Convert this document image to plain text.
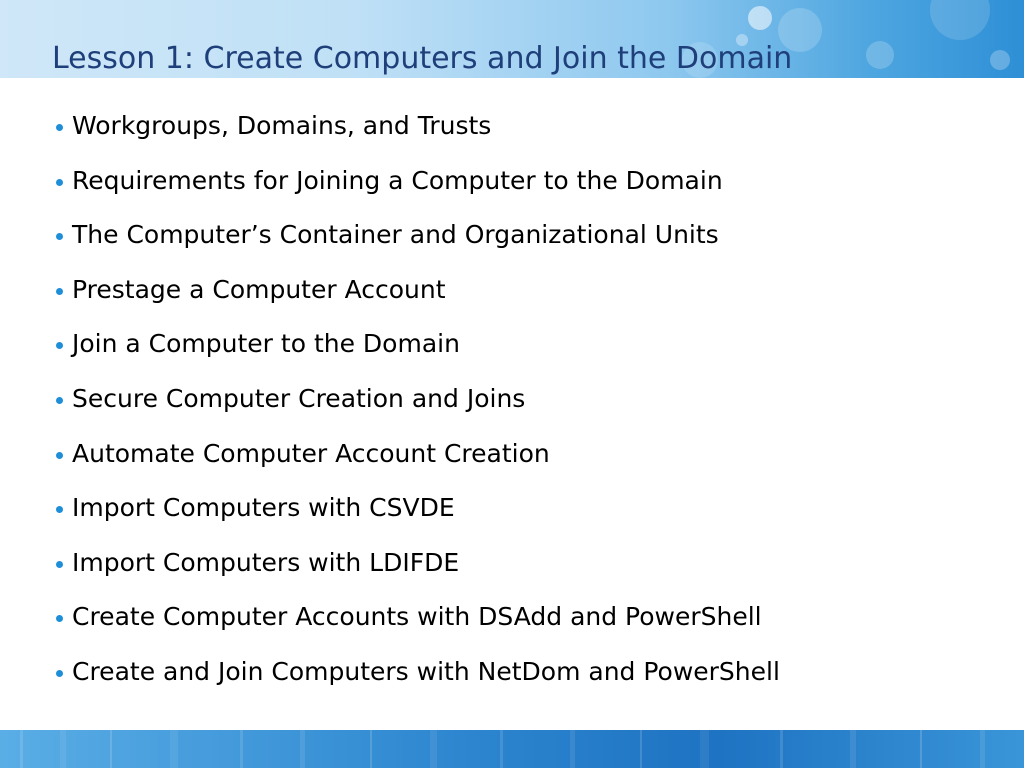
Lesson 1: Create Computers and Join the Domain
Workgroups, Domains, and Trusts
Requirements for Joining a Computer to the Domain
The Computer’s Container and Organizational Units
Prestage a Computer Account
Join a Computer to the Domain
Secure Computer Creation and Joins
Automate Computer Account Creation
Import Computers with CSVDE
Import Computers with LDIFDE
Create Computer Accounts with DSAdd and PowerShell
Create and Join Computers with NetDom and PowerShell
